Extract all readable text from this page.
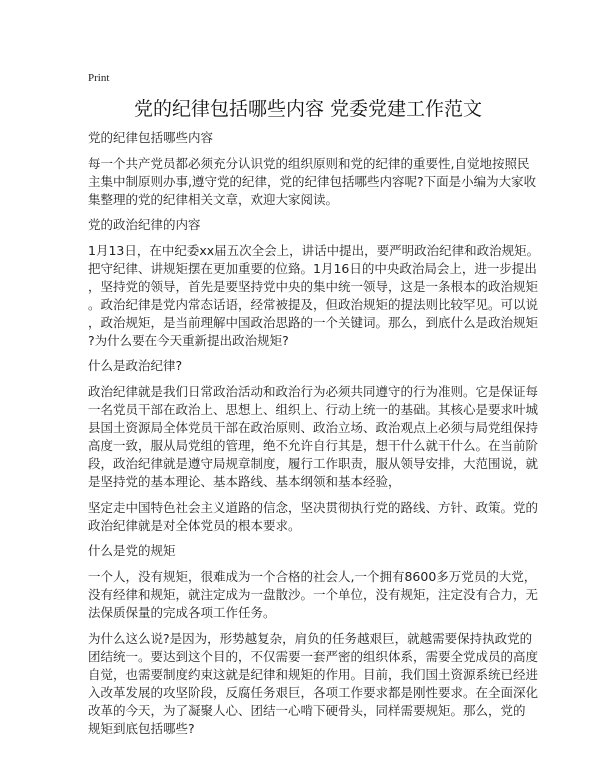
Print
党的纪律包括哪些内容 党委党建工作范文
党的纪律包括哪些内容
每一个共产党员都必须充分认识党的组织原则和党的纪律的重要性,自觉地按照民
主集中制原则办事,遵守党的纪律，党的纪律包括哪些内容呢?下面是小编为大家收
集整理的党的纪律相关文章，欢迎大家阅读。
党的政治纪律的内容
1月13日，在中纪委xx届五次全会上，讲话中提出，要严明政治纪律和政治规矩。
把守纪律、讲规矩摆在更加重要的位臵。1月16日的中央政治局会上，进一步提出
，坚持党的领导，首先是要坚持党中央的集中统一领导，这是一条根本的政治规矩
。政治纪律是党内常态话语，经常被提及，但政治规矩的提法则比较罕见。可以说
，政治规矩，是当前理解中国政治思路的一个关键词。那么，到底什么是政治规矩
?为什么要在今天重新提出政治规矩?
什么是政治纪律?
政治纪律就是我们日常政治活动和政治行为必须共同遵守的行为准则。它是保证每
一名党员干部在政治上、思想上、组织上、行动上统一的基础。其核心是要求叶城
县国土资源局全体党员干部在政治原则、政治立场、政治观点上必须与局党组保持
高度一致，服从局党组的管理，绝不允许自行其是，想干什么就干什么。在当前阶
段，政治纪律就是遵守局规章制度，履行工作职责，服从领导安排，大范围说，就
是坚持党的基本理论、基本路线、基本纲领和基本经验，
坚定走中国特色社会主义道路的信念，坚决贯彻执行党的路线、方针、政策。党的
政治纪律就是对全体党员的根本要求。
什么是党的规矩
一个人，没有规矩，很难成为一个合格的社会人,一个拥有8600多万党员的大党，
没有经律和规矩，就注定成为一盘散沙。一个单位，没有规矩，注定没有合力，无
法保质保量的完成各项工作任务。
为什么这么说?是因为，形势越复杂，肩负的任务越艰巨，就越需要保持执政党的
团结统一。要达到这个目的，不仅需要一套严密的组织体系，需要全党成员的高度
自觉，也需要制度约束这就是纪律和规矩的作用。目前，我们国土资源系统已经进
入改革发展的攻坚阶段，反腐任务艰巨，各项工作要求都是刚性要求。在全面深化
改革的今天，为了凝聚人心、团结一心啃下硬骨头，同样需要规矩。那么，党的
规矩到底包括哪些?
